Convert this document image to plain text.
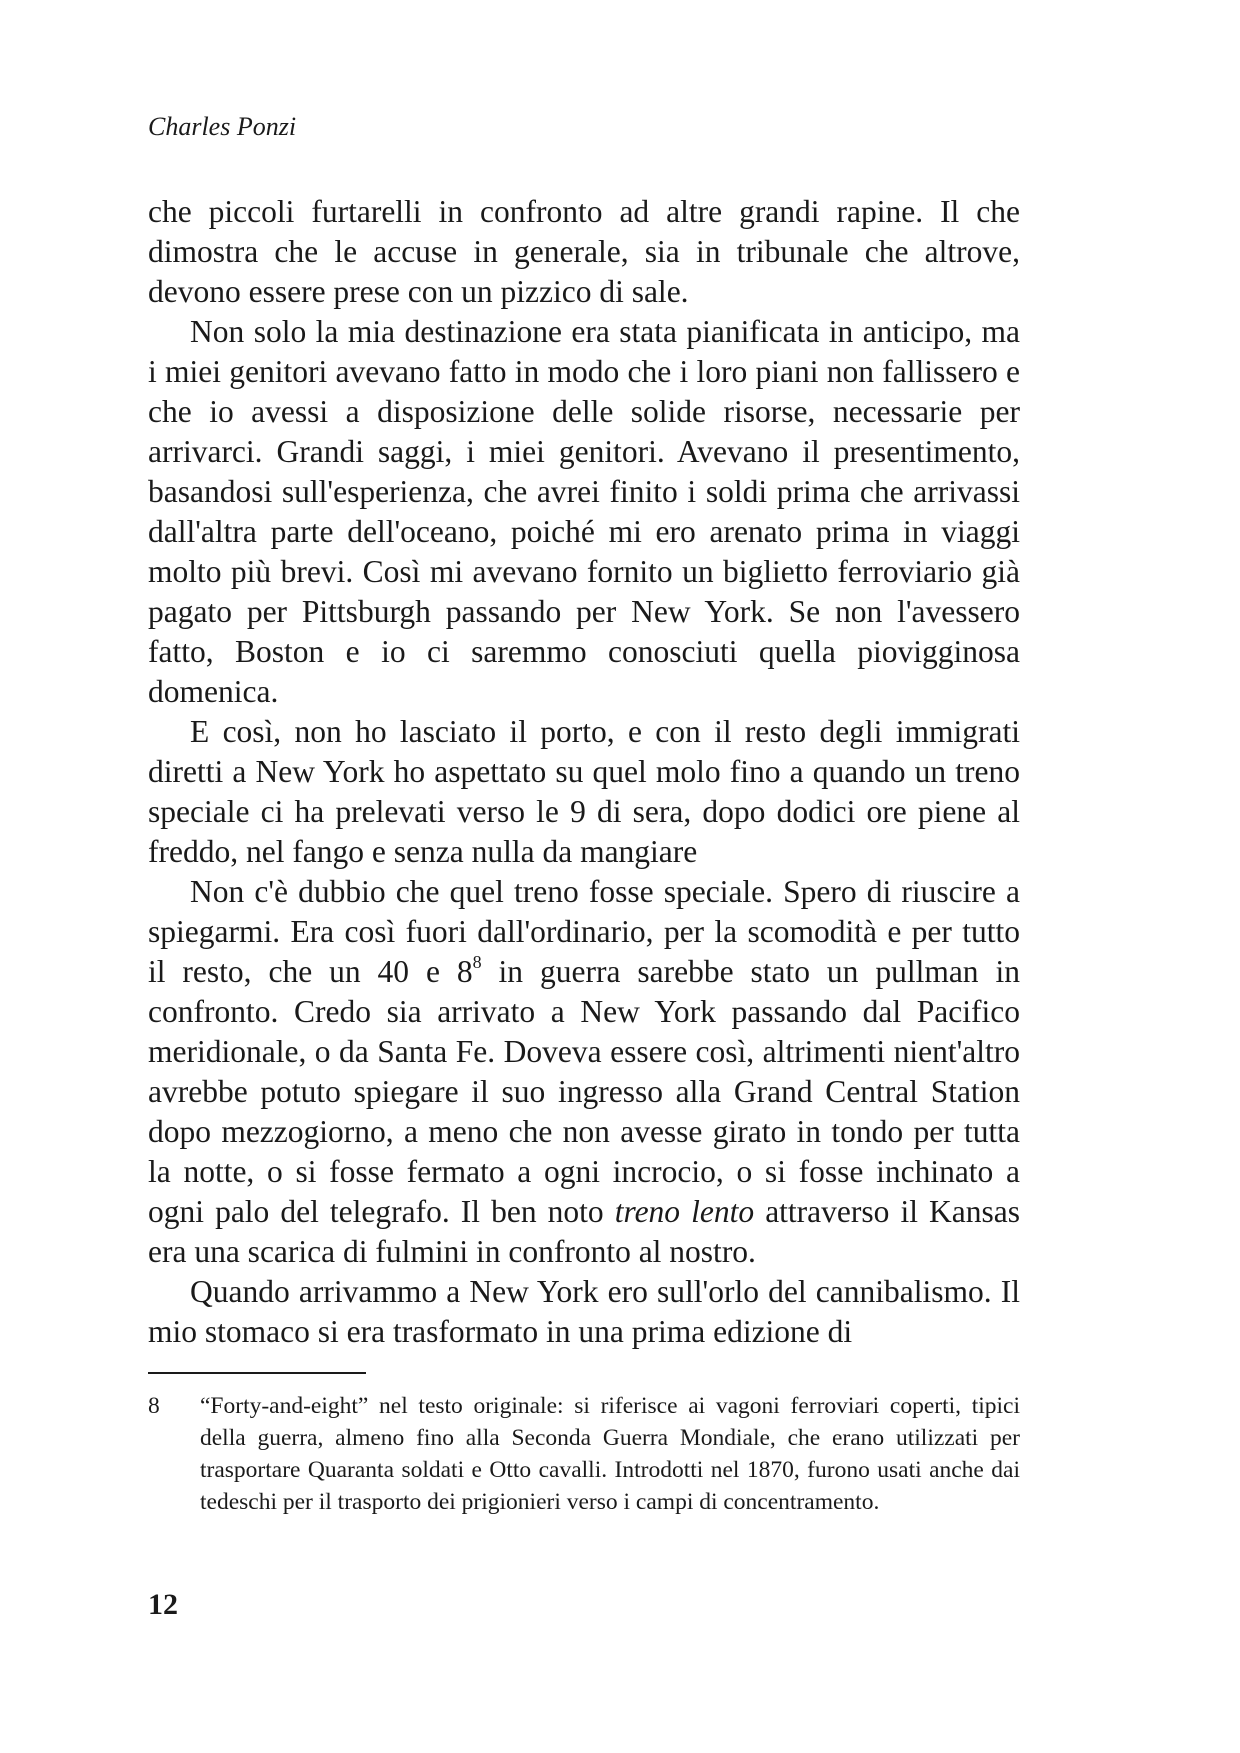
Charles Ponzi

che piccoli furtarelli in confronto ad altre grandi rapine. Il che dimostra che le accuse in generale, sia in tribunale che altrove, devono essere prese con un pizzico di sale.

Non solo la mia destinazione era stata pianificata in anticipo, ma i miei genitori avevano fatto in modo che i loro piani non fallissero e che io avessi a disposizione delle solide risorse, necessarie per arrivarci. Grandi saggi, i miei genitori. Avevano il presentimento, basandosi sull'esperienza, che avrei finito i soldi prima che arrivassi dall'altra parte dell'oceano, poiché mi ero arenato prima in viaggi molto più brevi. Così mi avevano fornito un biglietto ferroviario già pagato per Pittsburgh passando per New York. Se non l'avessero fatto, Boston e io ci saremmo conosciuti quella piovigginosa domenica.

E così, non ho lasciato il porto, e con il resto degli immigrati diretti a New York ho aspettato su quel molo fino a quando un treno speciale ci ha prelevati verso le 9 di sera, dopo dodici ore piene al freddo, nel fango e senza nulla da mangiare

Non c'è dubbio che quel treno fosse speciale. Spero di riuscire a spiegarmi. Era così fuori dall'ordinario, per la scomodità e per tutto il resto, che un 40 e $8^8$ in guerra sarebbe stato un pullman in confronto. Credo sia arrivato a New York passando dal Pacifico meridionale, o da Santa Fe. Doveva essere così, altrimenti nient'altro avrebbe potuto spiegare il suo ingresso alla Grand Central Station dopo mezzogiorno, a meno che non avesse girato in tondo per tutta la notte, o si fosse fermato a ogni incrocio, o si fosse inchinato a ogni palo del telegrafo. Il ben noto treno lento attraverso il Kansas era una scarica di fulmini in confronto al nostro.

Quando arrivammo a New York ero sull'orlo del cannibalismo. Il mio stomaco si era trasformato in una prima edizione di

8	“Forty-and-eight” nel testo originale: si riferisce ai vagoni ferroviari coperti, tipici della guerra, almeno fino alla Seconda Guerra Mondiale, che erano utilizzati per trasportare Quaranta soldati e Otto cavalli. Introdotti nel 1870, furono usati anche dai tedeschi per il trasporto dei prigionieri verso i campi di concentramento.
12
